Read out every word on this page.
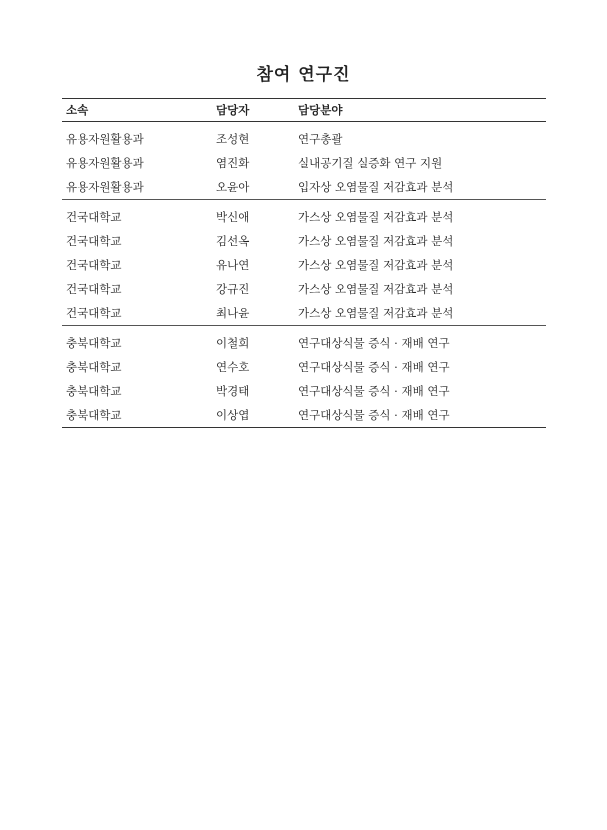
참여 연구진
소속	담당자	담당분야
유용자원활용과	조성현	연구총괄
유용자원활용과	염진화	실내공기질 실증화 연구 지원
유용자원활용과	오윤아	입자상 오염물질 저감효과 분석
건국대학교	박신애	가스상 오염물질 저감효과 분석
건국대학교	김선옥	가스상 오염물질 저감효과 분석
건국대학교	유나연	가스상 오염물질 저감효과 분석
건국대학교	강규진	가스상 오염물질 저감효과 분석
건국대학교	최나윤	가스상 오염물질 저감효과 분석
충북대학교	이철희	연구대상식물 증식 · 재배 연구
충북대학교	연수호	연구대상식물 증식 · 재배 연구
충북대학교	박경태	연구대상식물 증식 · 재배 연구
충북대학교	이상엽	연구대상식물 증식 · 재배 연구
